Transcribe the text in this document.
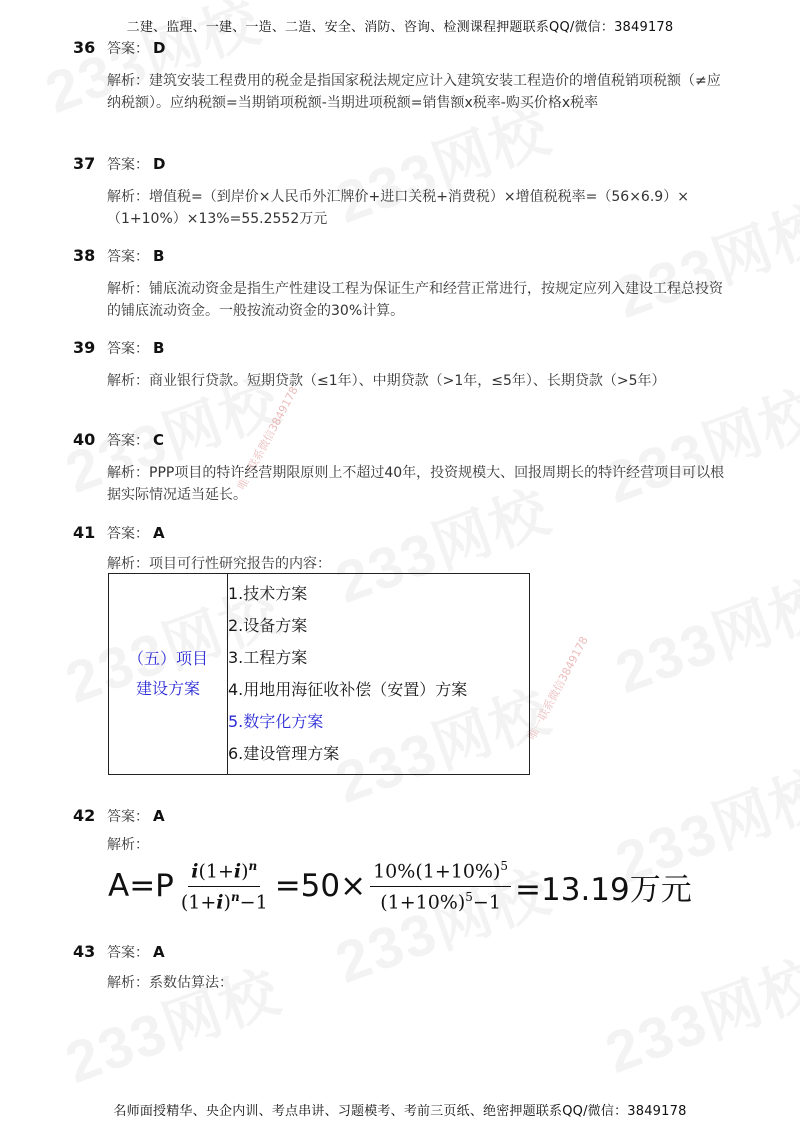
唯一联系微信3849178
唯一联系微信3849178
二建、监理、一建、一造、二造、安全、消防、咨询、检测课程押题联系QQ/微信：3849178
36 答案： D
解析：建筑安装工程费用的税金是指国家税法规定应计入建筑安装工程造价的增值税销项税额（≠应纳税额）。应纳税额=当期销项税额-当期进项税额=销售额x税率-购买价格x税率
37 答案： D
解析：增值税=（到岸价×人民币外汇牌价+进口关税+消费税）×增值税税率=（56×6.9）×（1+10%）×13%=55.2552万元
38 答案： B
解析：铺底流动资金是指生产性建设工程为保证生产和经营正常进行，按规定应列入建设工程总投资的铺底流动资金。一般按流动资金的30%计算。
39 答案： B
解析：商业银行贷款。短期贷款（≤1年）、中期贷款（>1年，≤5年）、长期贷款（>5年）
40 答案： C
解析：PPP项目的特许经营期限原则上不超过40年，投资规模大、回报周期长的特许经营项目可以根据实际情况适当延长。
41 答案： A
解析：项目可行性研究报告的内容：
（五）项目
建设方案

1.技术方案
2.设备方案
3.工程方案
4.用地用海征收补偿（安置）方案
5.数字化方案
6.建设管理方案
42 答案： A
解析：
$A=P \frac{i(1+i)^n}{(1+i)^n-1} =50\times \frac{10\%(1+10\%)^5}{(1+10\%)^5-1} =13.19$万元
43 答案： A
解析：系数估算法：
名师面授精华、央企内训、考点串讲、习题模考、考前三页纸、绝密押题联系QQ/微信：3849178
